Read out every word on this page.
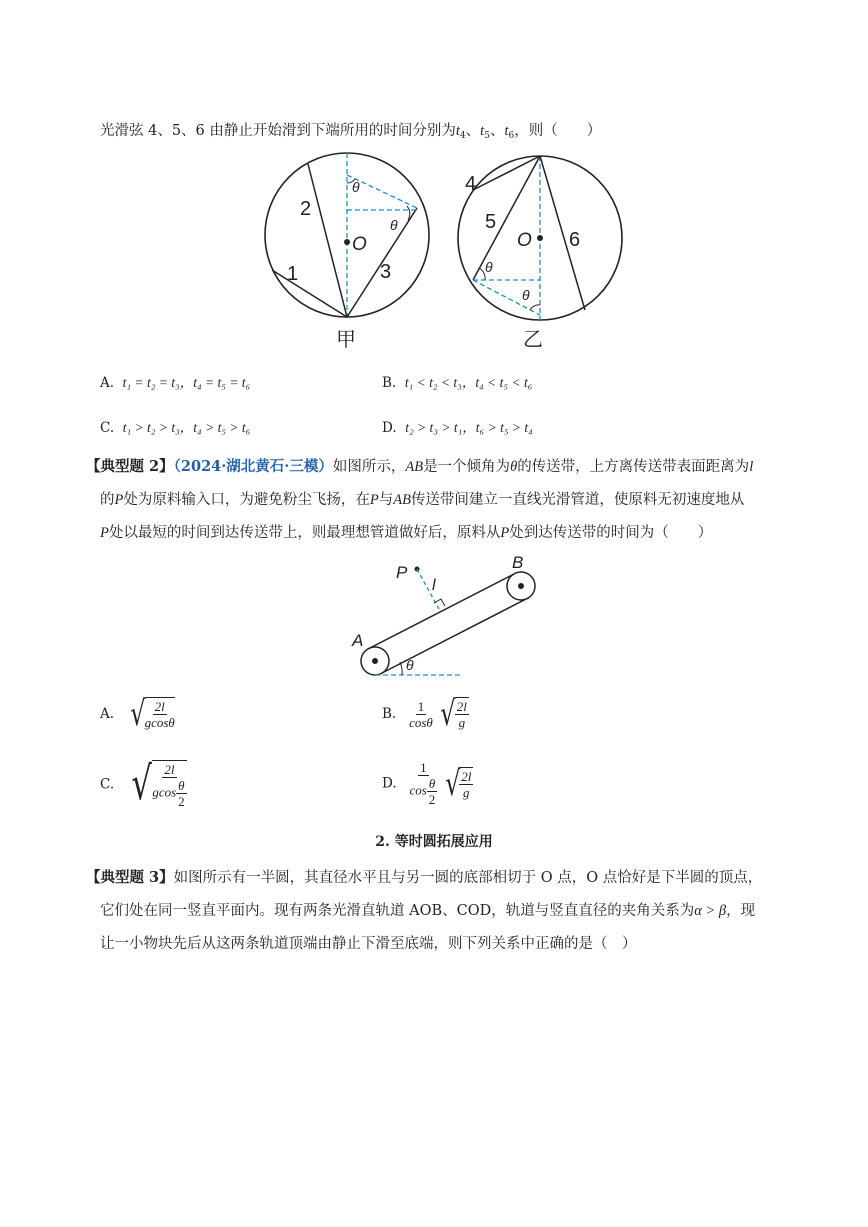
光滑弦 4、5、6 由静止开始滑到下端所用的时间分别为$t_4$、$t_5$、$t_6$，则（　　）
2
1	3
O
θ
θ
甲
4
5
O 6
θ
θ
乙
A. t₁ = t₂ = t₃，t₄ = t₅ = t₆	B. t₁ < t₂ < t₃，t₄ < t₅ < t₆
C. t₁ > t₂ > t₃，t₄ > t₅ > t₆	D. t₂ > t₃ > t₁，t₆ > t₅ > t₄
【典型题 2】（2024·湖北黄石·三模）如图所示，AB是一个倾角为θ的传送带，上方离传送带表面距离为l
的P处为原料输入口，为避免粉尘飞扬，在P与AB传送带间建立一直线光滑管道，使原料无初速度地从
P处以最短的时间到达传送带上，则最理想管道做好后，原料从P处到达传送带的时间为（　　）
P
l
B
A
θ
A. √ $\frac{2l}{gcos\theta}$	B. $\frac{1}{\cos\theta}$
√ $\frac{2l}{g}$
C. √ $\frac{2l}{gcos \frac{\theta}{2}}$	D. $\frac{1}{\cos \frac{\theta}{2}}$
√ $\frac{2l}{g}$
2. 等时圆拓展应用
【典型题 3】如图所示有一半圆，其直径水平且与另一圆的底部相切于 O 点，O 点恰好是下半圆的顶点，
它们处在同一竖直平面内。现有两条光滑直轨道 AOB、COD，轨道与竖直直径的夹角关系为α > β，现
让一小物块先后从这两条轨道顶端由静止下滑至底端，则下列关系中正确的是（　）
